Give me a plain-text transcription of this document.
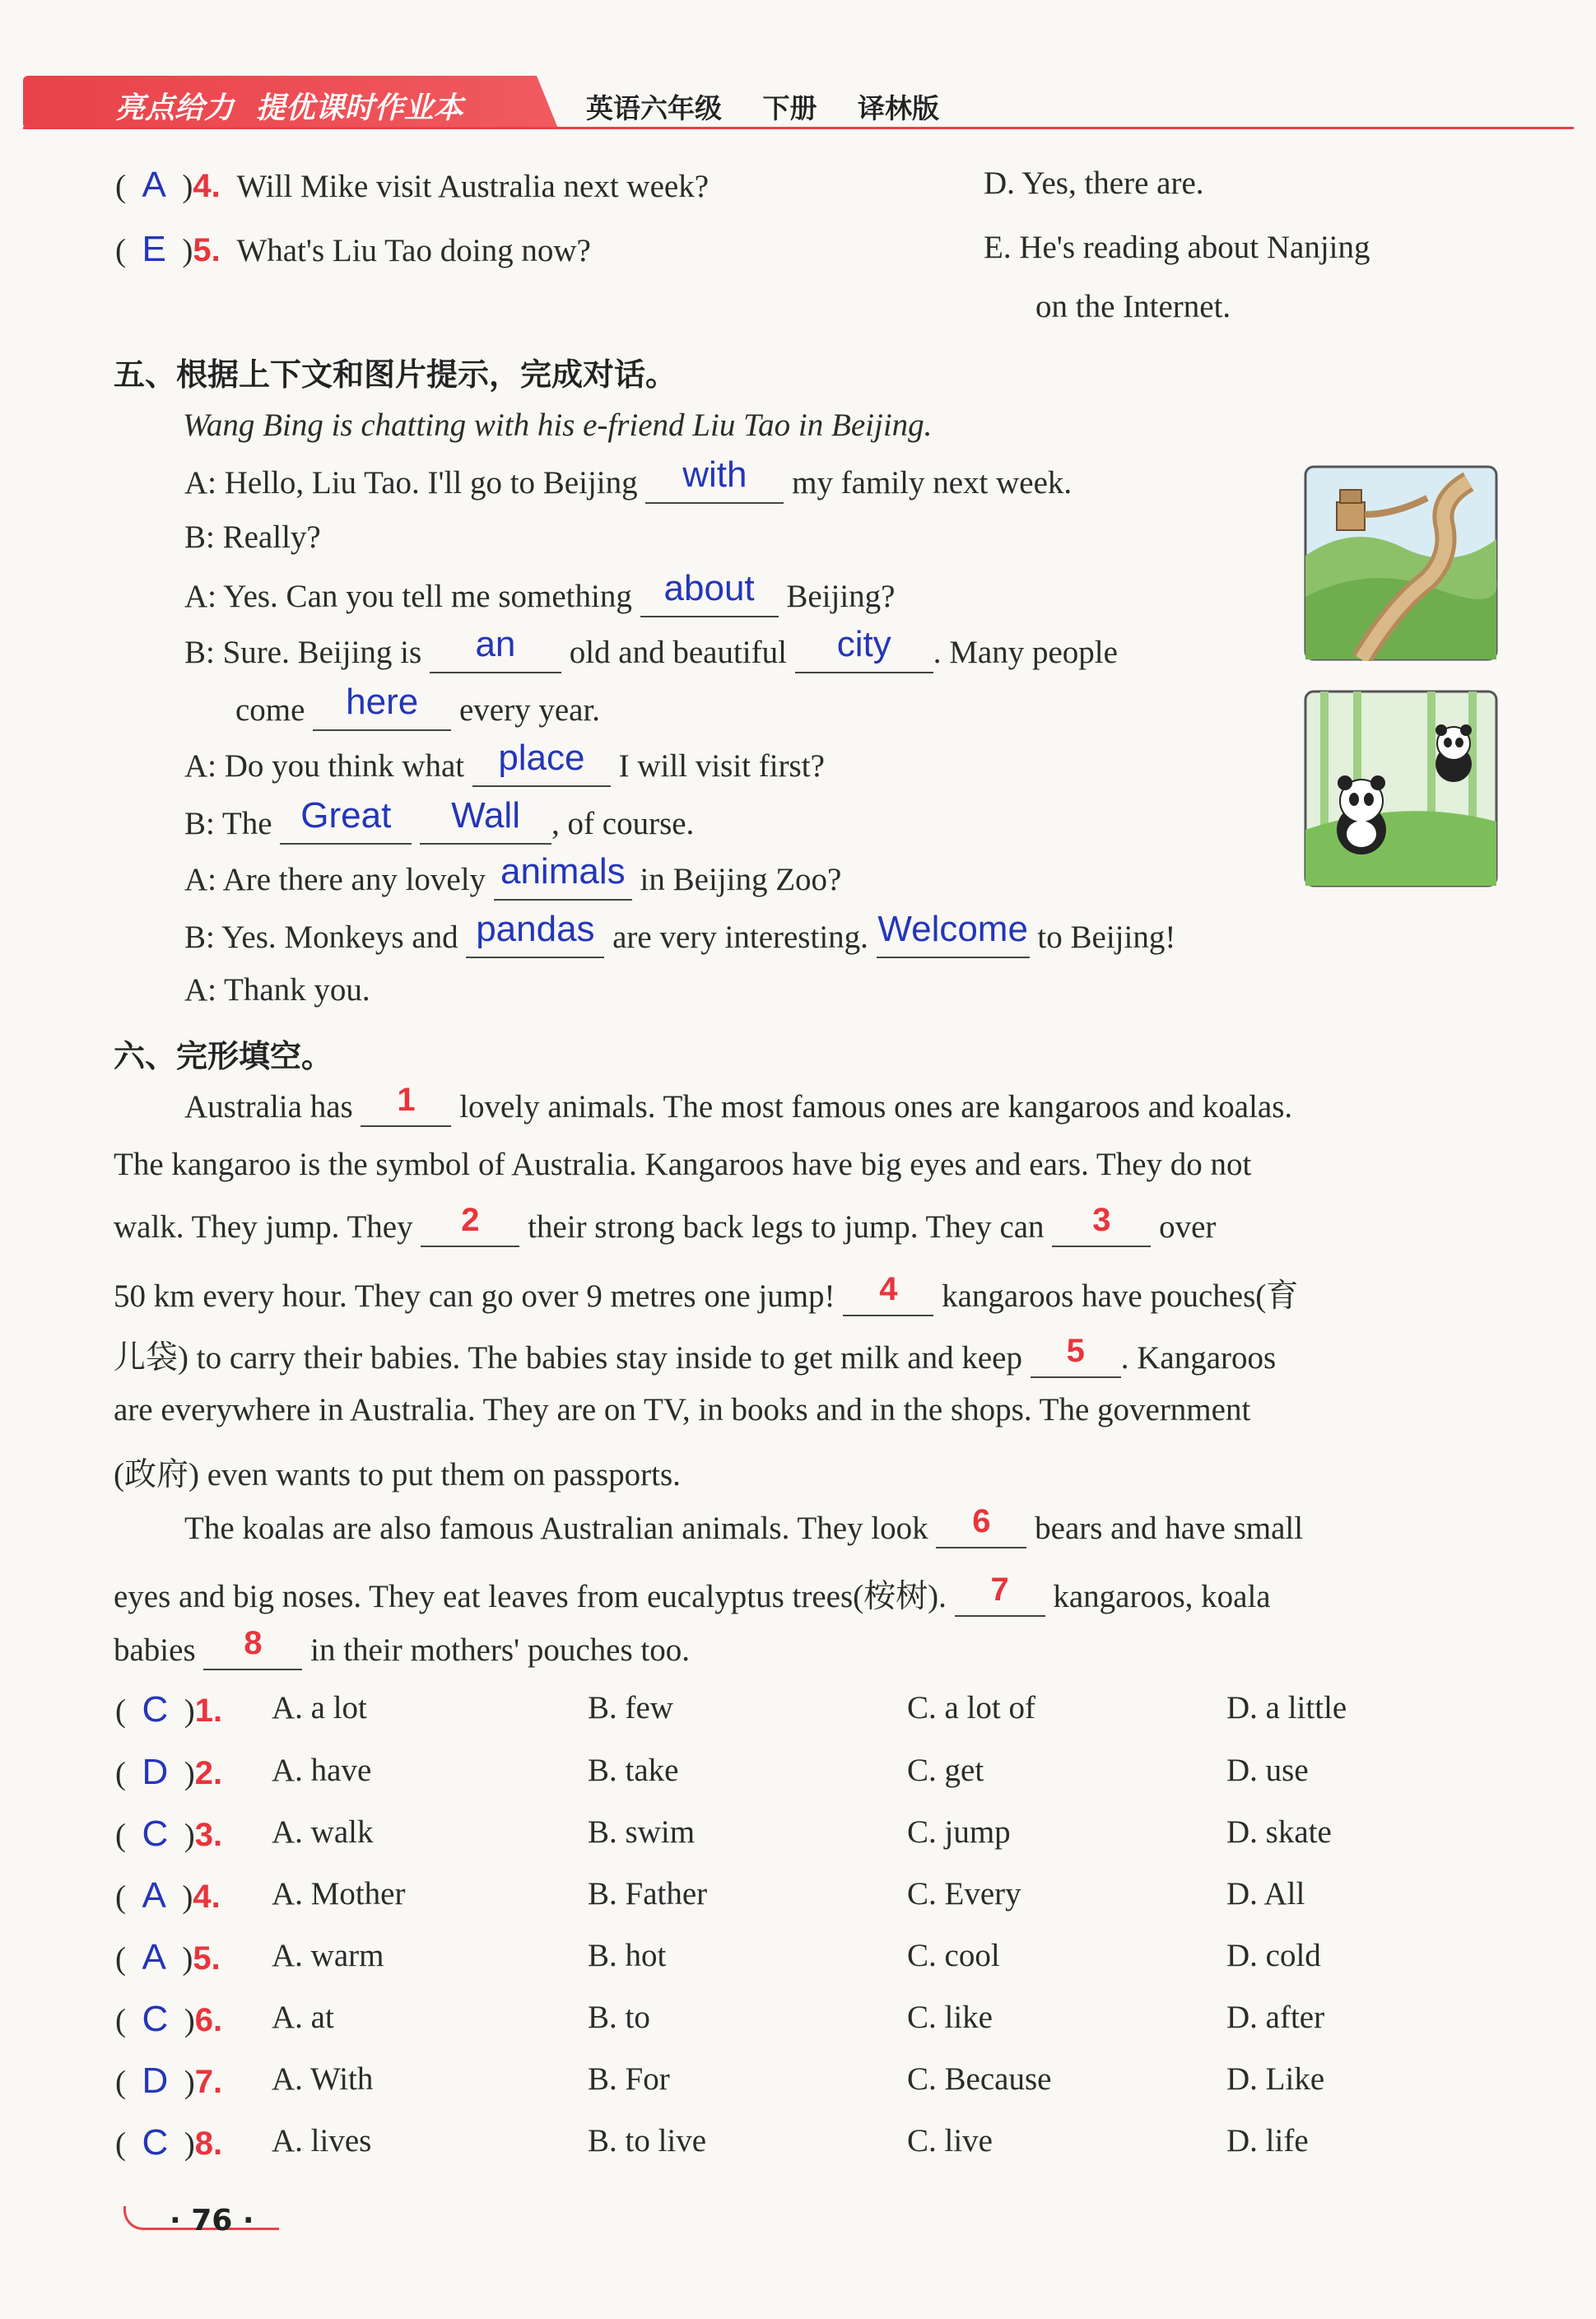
亮点给力 提优课时作业本	英语六年级 下册 译林版
(  A  )4. Will Mike visit Australia next week?
(  E  )5. What's Liu Tao doing now?
D. Yes, there are.
E. He's reading about Nanjing
on the Internet.
五、根据上下文和图片提示，完成对话。
Wang Bing is chatting with his e-friend Liu Tao in Beijing.
A: Hello, Liu Tao. I'll go to Beijing with my family next week.
B: Really?
A: Yes. Can you tell me something about Beijing?
B: Sure. Beijing is an old and beautiful city . Many people
come here every year.
A: Do you think what place I will visit first?
B: The Great Wall , of course.
A: Are there any lovely animals in Beijing Zoo?
B: Yes. Monkeys and pandas are very interesting. Welcome to Beijing!
A: Thank you.
六、完形填空。
Australia has 1 lovely animals. The most famous ones are kangaroos and koalas.
The kangaroo is the symbol of Australia. Kangaroos have big eyes and ears. They do not
walk. They jump. They 2 their strong back legs to jump. They can 3 over
50 km every hour. They can go over 9 metres one jump! 4 kangaroos have pouches(育
儿袋) to carry their babies. The babies stay inside to get milk and keep 5 . Kangaroos
are everywhere in Australia. They are on TV, in books and in the shops. The government
(政府) even wants to put them on passports.
The koalas are also famous Australian animals. They look 6 bears and have small
eyes and big noses. They eat leaves from eucalyptus trees(桉树). 7 kangaroos, koala
babies 8 in their mothers' pouches too.
(  C  )1.	A. a lot	B. few	C. a lot of	D. a little
(  D  )2.	A. have	B. take	C. get	D. use
(  C  )3.	A. walk	B. swim	C. jump	D. skate
(  A  )4.	A. Mother	B. Father	C. Every	D. All
(  A  )5.	A. warm	B. hot	C. cool	D. cold
(  C  )6.	A. at	B. to	C. like	D. after
(  D  )7.	A. With	B. For	C. Because	D. Like
(  C  )8.	A. lives	B. to live	C. live	D. life
· 76 ·
